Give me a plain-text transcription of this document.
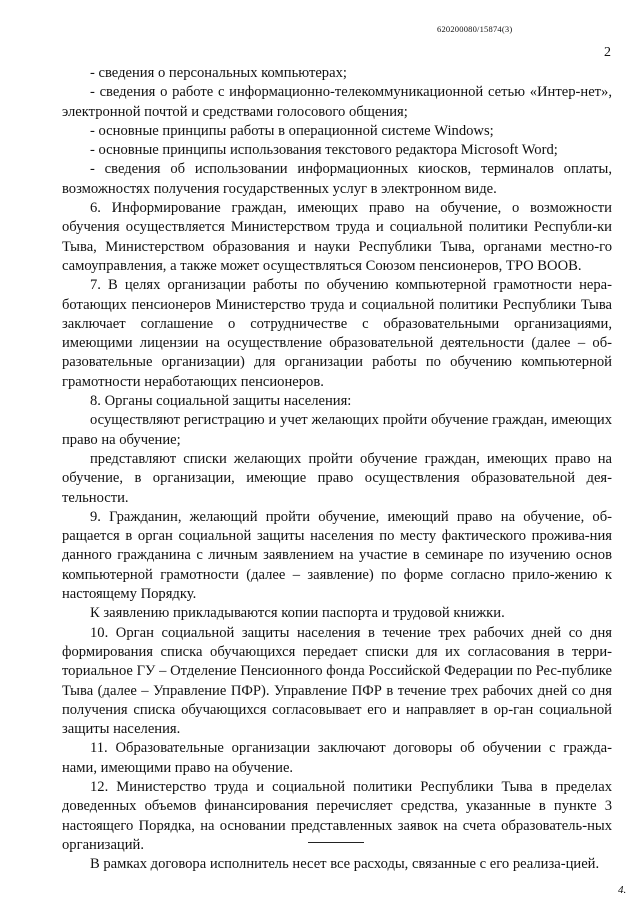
620200080/15874(3)
2

- сведения о персональных компьютерах;

- сведения о работе с информационно-телекоммуникационной сетью «Интер-нет», электронной почтой и средствами голосового общения;

- основные принципы работы в операционной системе Windows;

- основные принципы использования текстового редактора Microsoft Word;

- сведения об использовании информационных киосков, терминалов оплаты, возможностях получения государственных услуг в электронном виде.

6. Информирование граждан, имеющих право на обучение, о возможности обучения осуществляется Министерством труда и социальной политики Республи-ки Тыва, Министерством образования и науки Республики Тыва, органами местно-го самоуправления, а также может осуществляться Союзом пенсионеров, ТРО ВООВ.

7. В целях организации работы по обучению компьютерной грамотности нера-ботающих пенсионеров Министерство труда и социальной политики Республики Тыва заключает соглашение о сотрудничестве с образовательными организациями, имеющими лицензии на осуществление образовательной деятельности (далее – об-разовательные организации) для организации работы по обучению компьютерной грамотности неработающих пенсионеров.

8. Органы социальной защиты населения:

осуществляют регистрацию и учет желающих пройти обучение граждан, имеющих право на обучение;

представляют списки желающих пройти обучение граждан, имеющих право на обучение, в организации, имеющие право осуществления образовательной дея-тельности.

9. Гражданин, желающий пройти обучение, имеющий право на обучение, об-ращается в орган социальной защиты населения по месту фактического прожива-ния данного гражданина с личным заявлением на участие в семинаре по изучению основ компьютерной грамотности (далее – заявление) по форме согласно прило-жению к настоящему Порядку.

К заявлению прикладываются копии паспорта и трудовой книжки.

10. Орган социальной защиты населения в течение трех рабочих дней со дня формирования списка обучающихся передает списки для их согласования в терри-ториальное ГУ – Отделение Пенсионного фонда Российской Федерации по Рес-публике Тыва (далее – Управление ПФР). Управление ПФР в течение трех рабочих дней со дня получения списка обучающихся согласовывает его и направляет в ор-ган социальной защиты населения.

11. Образовательные организации заключают договоры об обучении с гражда-нами, имеющими право на обучение.

12. Министерство труда и социальной политики Республики Тыва в пределах доведенных объемов финансирования перечисляет средства, указанные в пункте 3 настоящего Порядка, на основании представленных заявок на счета образователь-ных организаций.

В рамках договора исполнитель несет все расходы, связанные с его реализа-цией.

4.
